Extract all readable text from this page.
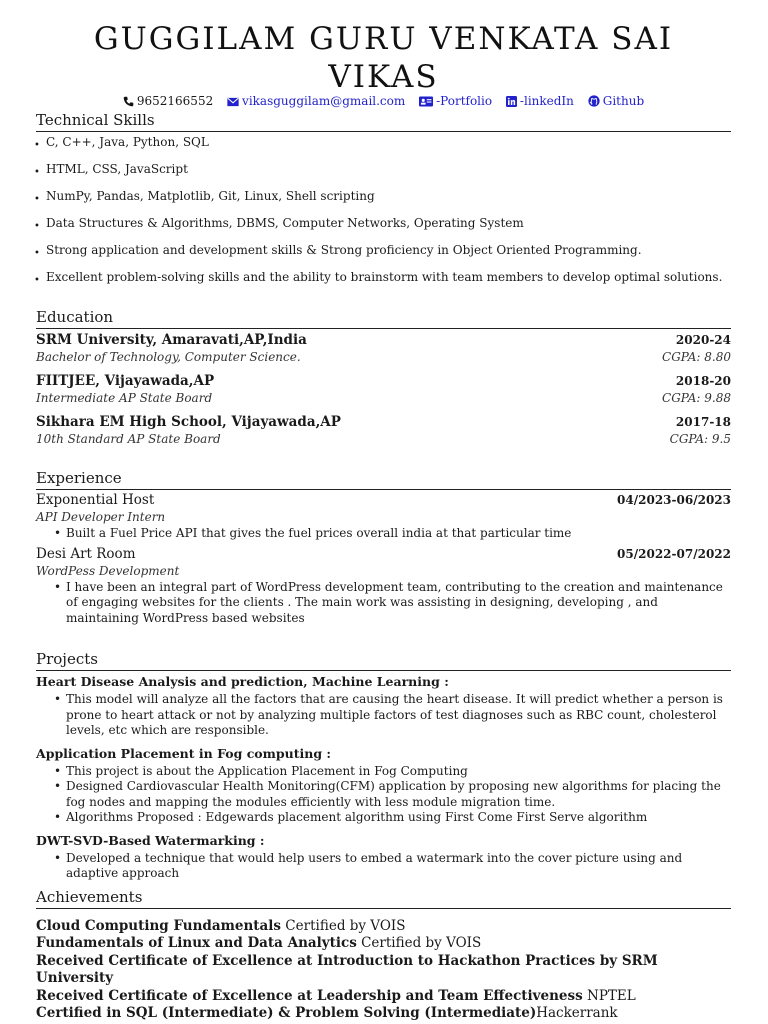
GUGGILAM GURU VENKATA SAI VIKAS
9652166552 vikasguggilam@gmail.com	-Portfolio -linkedIn Github
Technical Skills
• C, C++, Java, Python, SQL
• HTML, CSS, JavaScript
• NumPy, Pandas, Matplotlib, Git, Linux, Shell scripting
• Data Structures & Algorithms, DBMS, Computer Networks, Operating System
• Strong application and development skills & Strong proficiency in Object Oriented Programming.
• Excellent problem-solving skills and the ability to brainstorm with team members to develop optimal solutions.
Education
SRM University, Amaravati,AP,India	2020-24
Bachelor of Technology, Computer Science.	CGPA: 8.80
FIITJEE, Vijayawada,AP	2018-20
Intermediate AP State Board	CGPA: 9.88
Sikhara EM High School, Vijayawada,AP	2017-18
10th Standard AP State Board	CGPA: 9.5
Experience
Exponential Host	04/2023-06/2023
API Developer Intern
• Built a Fuel Price API that gives the fuel prices overall india at that particular time
Desi Art Room	05/2022-07/2022
WordPess Development
• I have been an integral part of WordPress development team, contributing to the creation and maintenance of engaging websites for the clients . The main work was assisting in designing, developing , and maintaining WordPress based websites
Projects
Heart Disease Analysis and prediction, Machine Learning :
• This model will analyze all the factors that are causing the heart disease. It will predict whether a person is prone to heart attack or not by analyzing multiple factors of test diagnoses such as RBC count, cholesterol levels, etc which are responsible.
Application Placement in Fog computing :
• This project is about the Application Placement in Fog Computing
• Designed Cardiovascular Health Monitoring(CFM) application by proposing new algorithms for placing the fog nodes and mapping the modules efficiently with less module migration time.
• Algorithms Proposed : Edgewards placement algorithm using First Come First Serve algorithm
DWT-SVD-Based Watermarking :
• Developed a technique that would help users to embed a watermark into the cover picture using and adaptive approach
Achievements
Cloud Computing Fundamentals Certified by VOIS
Fundamentals of Linux and Data Analytics Certified by VOIS
Received Certificate of Excellence at Introduction to Hackathon Practices by SRM University
Received Certificate of Excellence at Leadership and Team Effectiveness NPTEL
Certified in SQL (Intermediate) & Problem Solving (Intermediate)Hackerrank
